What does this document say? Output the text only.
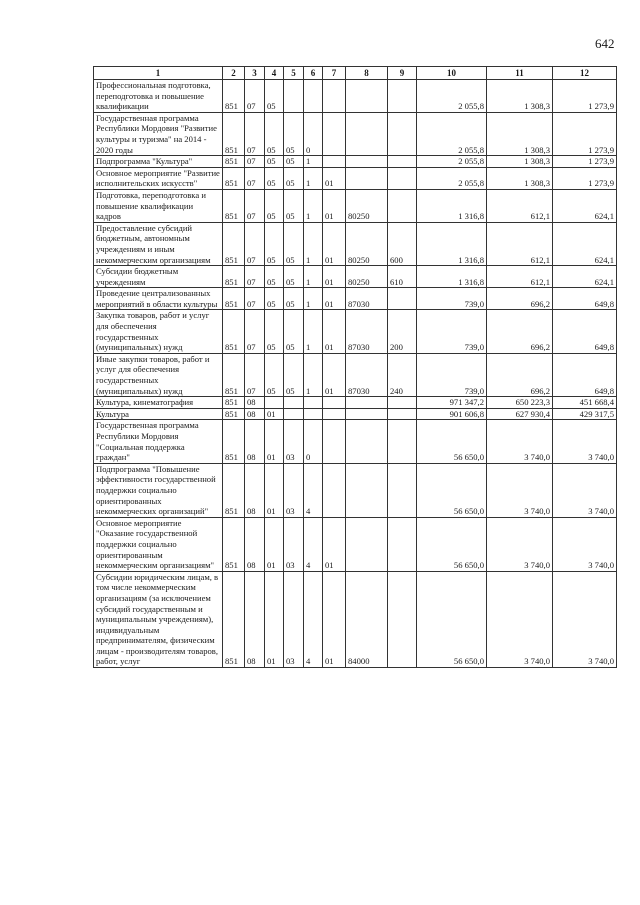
642
1	2	3	4	5	6	7	8	9	10	11	12
Профессиональная подготовка, переподготовка и повышение квалификации	851	07	05						2 055,8	1 308,3	1 273,9
Государственная программа Республики Мордовия "Развитие культуры и туризма" на 2014 - 2020 годы	851	07	05	05	0				2 055,8	1 308,3	1 273,9
Подпрограмма "Культура"	851	07	05	05	1				2 055,8	1 308,3	1 273,9
Основное мероприятие "Развитие исполнительских искусств"	851	07	05	05	1	01			2 055,8	1 308,3	1 273,9
Подготовка, переподготовка и повышение квалификации кадров	851	07	05	05	1	01	80250		1 316,8	612,1	624,1
Предоставление субсидий бюджетным, автономным учреждениям и иным некоммерческим организациям	851	07	05	05	1	01	80250	600	1 316,8	612,1	624,1
Субсидии бюджетным учреждениям	851	07	05	05	1	01	80250	610	1 316,8	612,1	624,1
Проведение централизованных мероприятий в области культуры	851	07	05	05	1	01	87030		739,0	696,2	649,8
Закупка товаров, работ и услуг для обеспечения государственных (муниципальных) нужд	851	07	05	05	1	01	87030	200	739,0	696,2	649,8
Иные закупки товаров, работ и услуг для обеспечения государственных (муниципальных) нужд	851	07	05	05	1	01	87030	240	739,0	696,2	649,8
Культура, кинематография	851	08							971 347,2	650 223,3	451 668,4
Культура	851	08	01						901 606,8	627 930,4	429 317,5
Государственная программа Республики Мордовия "Социальная поддержка граждан"	851	08	01	03	0				56 650,0	3 740,0	3 740,0
Подпрограмма "Повышение эффективности государственной поддержки социально ориентированных некоммерческих организаций"	851	08	01	03	4				56 650,0	3 740,0	3 740,0
Основное мероприятие "Оказание государственной поддержки социально ориентированным некоммерческим организациям"	851	08	01	03	4	01			56 650,0	3 740,0	3 740,0
Субсидии юридическим лицам, в том числе некоммерческим организациям (за исключением субсидий государственным и муниципальным учреждениям), индивидуальным предпринимателям, физическим лицам - производителям товаров, работ, услуг	851	08	01	03	4	01	84000		56 650,0	3 740,0	3 740,0
